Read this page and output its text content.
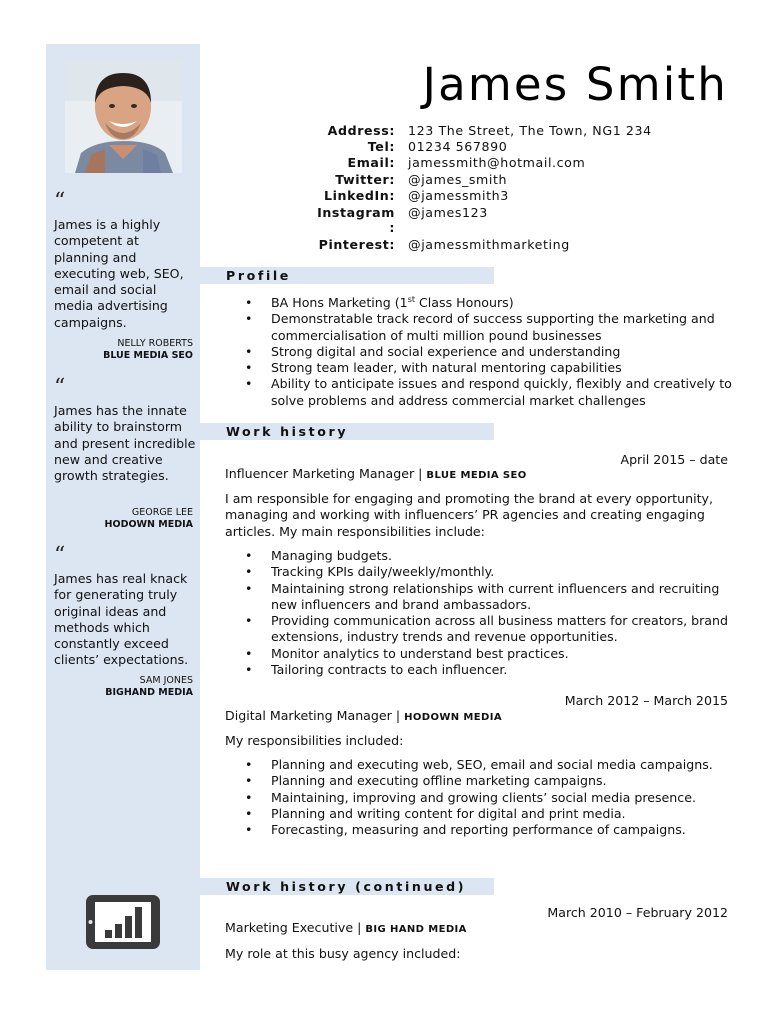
“
James is a highly competent at planning and executing web, SEO, email and social media advertising campaigns.
NELLY ROBERTS
BLUE MEDIA SEO
“
James has the innate ability to brainstorm and present incredible new and creative growth strategies.
GEORGE LEE
HODOWN MEDIA
“
James has real knack for generating truly original ideas and methods which constantly exceed clients’ expectations.
SAM JONES
BIGHAND MEDIA
James Smith
Address: 123 The Street, The Town, NG1 234
Tel: 01234 567890
Email: jamessmith@hotmail.com
Twitter: @james_smith
LinkedIn: @jamessmith3
Instagram @james123
:
Pinterest: @jamessmithmarketing
Profile
• BA Hons Marketing (1st Class Honours)
• Demonstratable track record of success supporting the marketing and commercialisation of multi million pound businesses
• Strong digital and social experience and understanding
• Strong team leader, with natural mentoring capabilities
• Ability to anticipate issues and respond quickly, flexibly and creatively to solve problems and address commercial market challenges
Work history
April 2015 – date
Influencer Marketing Manager | BLUE MEDIA SEO
I am responsible for engaging and promoting the brand at every opportunity, managing and working with influencers’ PR agencies and creating engaging articles. My main responsibilities include:
• Managing budgets.
• Tracking KPIs daily/weekly/monthly.
• Maintaining strong relationships with current influencers and recruiting new influencers and brand ambassadors.
• Providing communication across all business matters for creators, brand extensions, industry trends and revenue opportunities.
• Monitor analytics to understand best practices.
• Tailoring contracts to each influencer.
March 2012 – March 2015
Digital Marketing Manager | HODOWN MEDIA
My responsibilities included:
• Planning and executing web, SEO, email and social media campaigns.
• Planning and executing offline marketing campaigns.
• Maintaining, improving and growing clients’ social media presence.
• Planning and writing content for digital and print media.
• Forecasting, measuring and reporting performance of campaigns.
Work history (continued)
March 2010 – February 2012
Marketing Executive | BIG HAND MEDIA
My role at this busy agency included:
